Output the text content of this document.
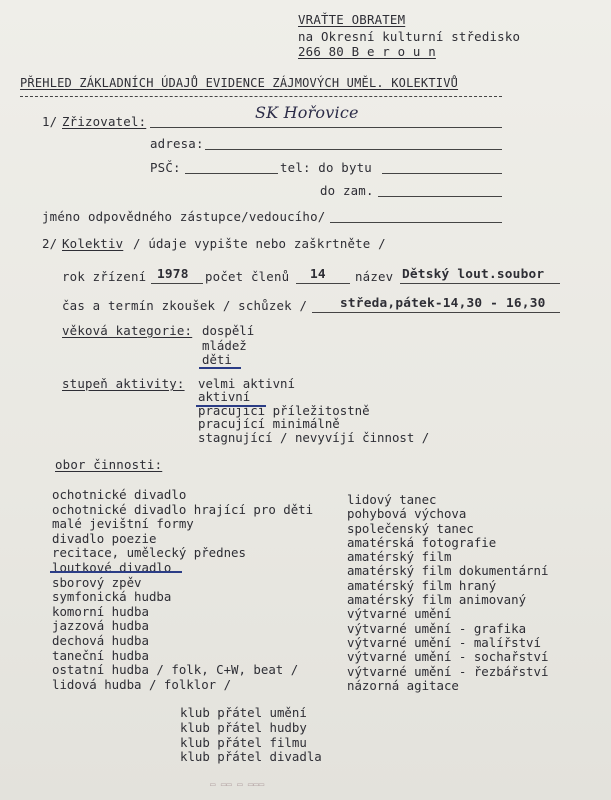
VRAŤTE OBRATEM
na Okresní kulturní středisko
266 80 B e r o u n
PŘEHLED ZÁKLADNÍCH ÚDAJŮ EVIDENCE ZÁJMOVÝCH UMĚL. KOLEKTIVŮ
1/ Zřizovatel:	SK Hořovice
adresa:
PSČ:	tel: do bytu
do zam.
jméno odpovědného zástupce/vedoucího/
2/ Kolektiv / údaje vypište nebo zaškrtněte /
rok zřízení 1978 počet členů 14 název Dětský lout.soubor
čas a termín zkoušek / schůzek /	středa,pátek-14,30 - 16,30
věková kategorie: dospělí
mládež
děti
stupeň aktivity: velmi aktivní
aktivní
pracující příležitostně
pracující minimálně
stagnující / nevyvíjí činnost /
obor činnosti:
ochotnické divadlo
ochotnické divadlo hrající pro děti
malé jevištní formy
divadlo poezie
recitace, umělecký přednes
loutkové divadlo
sborový zpěv
symfonická hudba
komorní hudba
jazzová hudba
dechová hudba
taneční hudba
ostatní hudba / folk, C+W, beat /
lidová hudba / folklor /
lidový tanec
pohybová výchova
společenský tanec
amatérská fotografie
amatérský film
amatérský film dokumentární
amatérský film hraný
amatérský film animovaný
výtvarné umění
výtvarné umění - grafika
výtvarné umění - malířství
výtvarné umění - sochařství
výtvarné umění - řezbářství
názorná agitace
klub přátel umění
klub přátel hudby
klub přátel filmu
klub přátel divadla
▭ ▭▭ ▭ ▭▭▭
